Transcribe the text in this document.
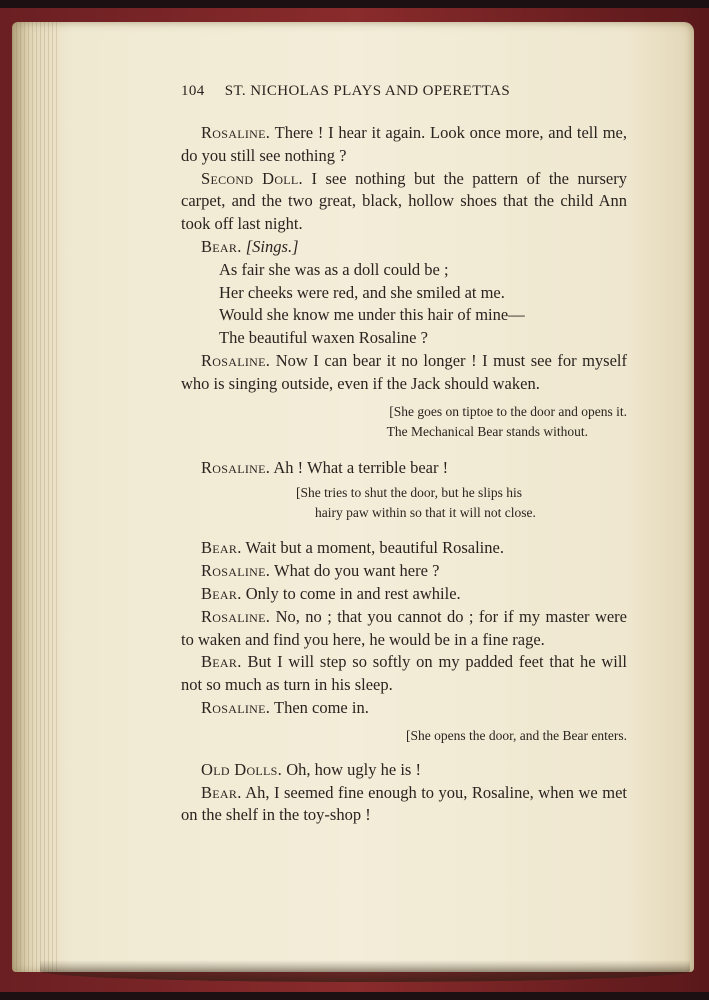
104 ST. NICHOLAS PLAYS AND OPERETTAS

Rosaline. There ! I hear it again. Look once more, and tell me, do you still see nothing ?

Second Doll. I see nothing but the pattern of the nursery carpet, and the two great, black, hollow shoes that the child Ann took off last night.

Bear. [Sings.]

As fair she was as a doll could be ;

Her cheeks were red, and she smiled at me.

Would she know me under this hair of mine—

The beautiful waxen Rosaline ?

Rosaline. Now I can bear it no longer ! I must see for myself who is singing outside, even if the Jack should waken.

[She goes on tiptoe to the door and opens it.
The Mechanical Bear stands without.

Rosaline. Ah ! What a terrible bear !

[She tries to shut the door, but he slips his
hairy paw within so that it will not close.

Bear. Wait but a moment, beautiful Rosaline.

Rosaline. What do you want here ?

Bear. Only to come in and rest awhile.

Rosaline. No, no ; that you cannot do ; for if my master were to waken and find you here, he would be in a fine rage.

Bear. But I will step so softly on my padded feet that he will not so much as turn in his sleep.

Rosaline. Then come in.

[She opens the door, and the Bear enters.

Old Dolls. Oh, how ugly he is !

Bear. Ah, I seemed fine enough to you, Rosaline, when we met on the shelf in the toy-shop !
